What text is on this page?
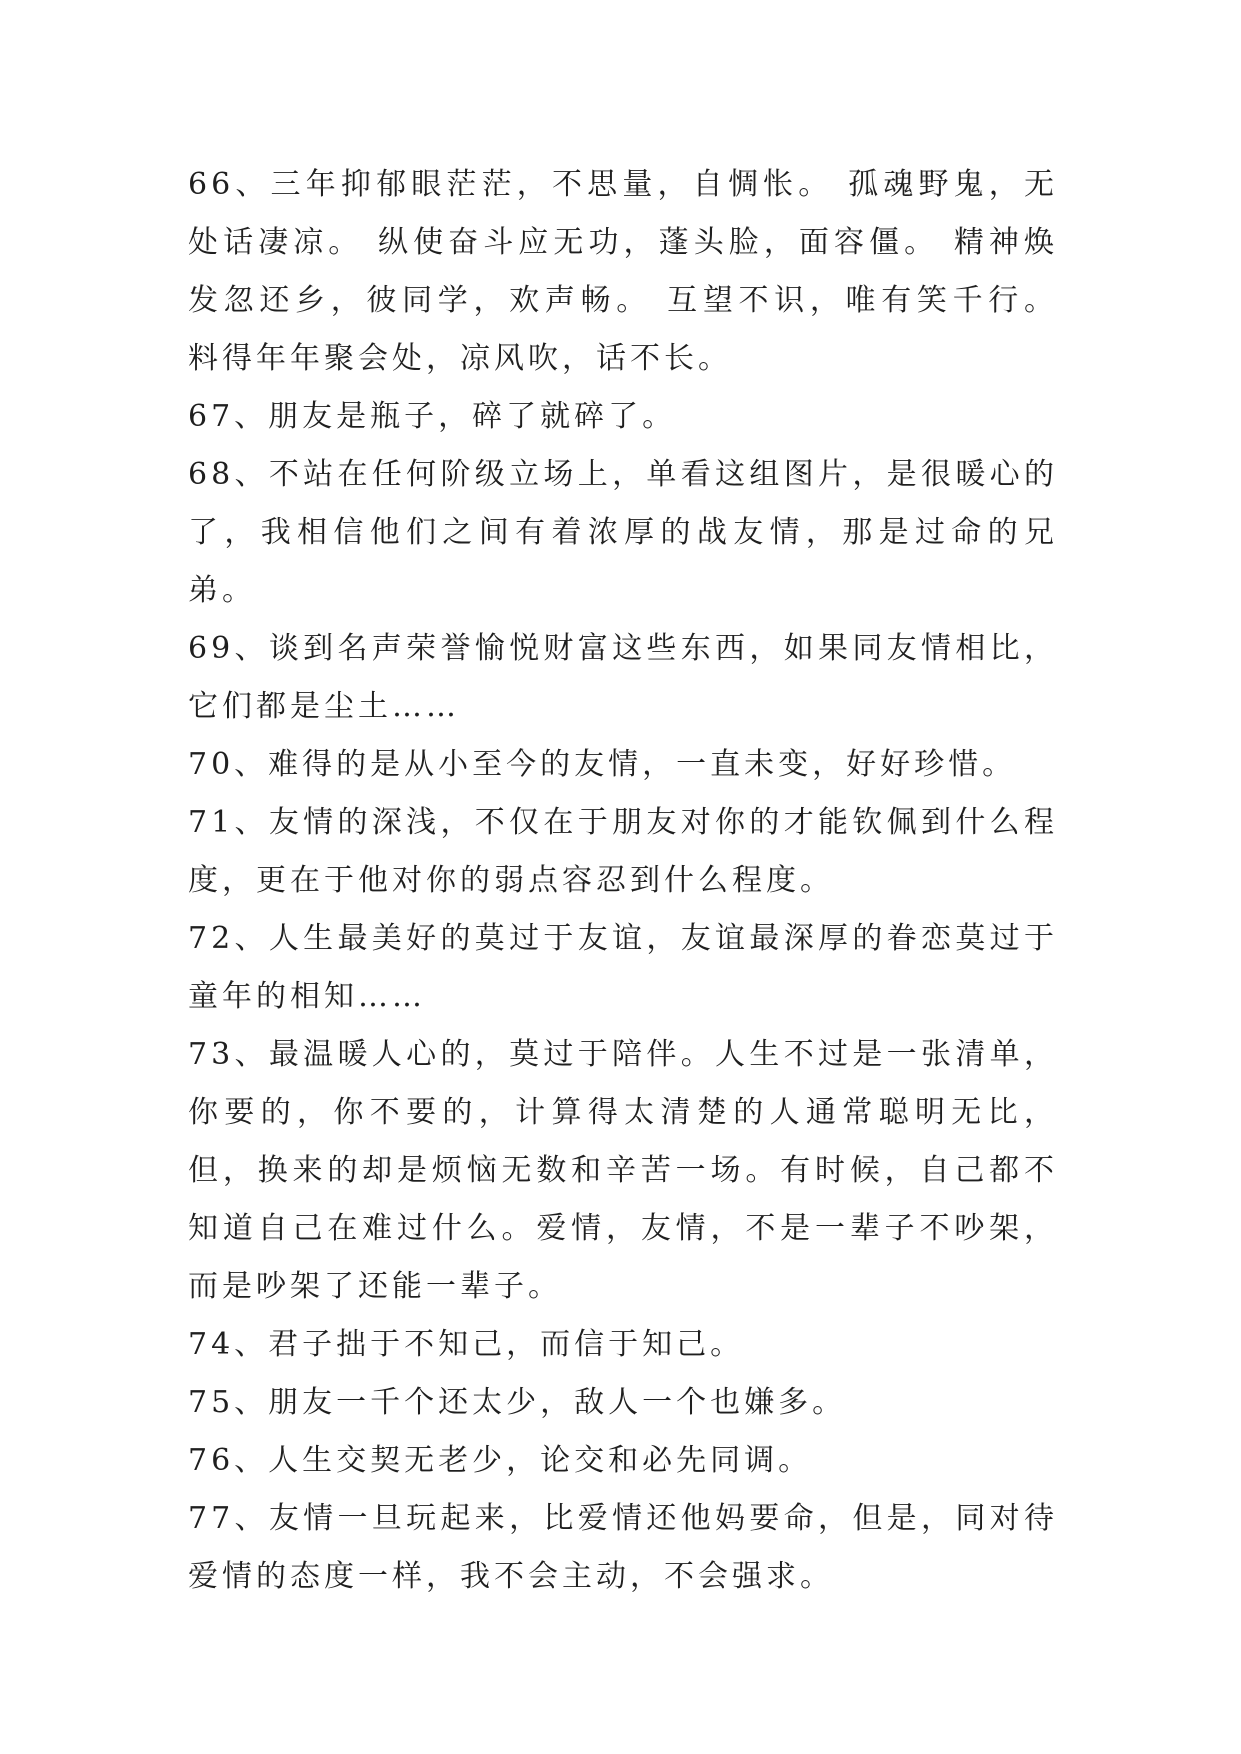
66、三年抑郁眼茫茫，不思量，自惆怅。 孤魂野鬼，无处话凄凉。 纵使奋斗应无功，蓬头脸，面容僵。 精神焕发忽还乡，彼同学，欢声畅。 互望不识，唯有笑千行。 料得年年聚会处，凉风吹，话不长。

67、朋友是瓶子，碎了就碎了。

68、不站在任何阶级立场上，单看这组图片，是很暖心的了，我相信他们之间有着浓厚的战友情，那是过命的兄弟。

69、谈到名声荣誉愉悦财富这些东西，如果同友情相比，它们都是尘土……

70、难得的是从小至今的友情，一直未变，好好珍惜。

71、友情的深浅，不仅在于朋友对你的才能钦佩到什么程度，更在于他对你的弱点容忍到什么程度。

72、人生最美好的莫过于友谊，友谊最深厚的眷恋莫过于童年的相知……

73、最温暖人心的，莫过于陪伴。人生不过是一张清单，你要的，你不要的，计算得太清楚的人通常聪明无比，但，换来的却是烦恼无数和辛苦一场。有时候，自己都不知道自己在难过什么。爱情，友情，不是一辈子不吵架，而是吵架了还能一辈子。

74、君子拙于不知己，而信于知己。

75、朋友一千个还太少，敌人一个也嫌多。

76、人生交契无老少，论交和必先同调。

77、友情一旦玩起来，比爱情还他妈要命，但是，同对待爱情的态度一样，我不会主动，不会强求。
